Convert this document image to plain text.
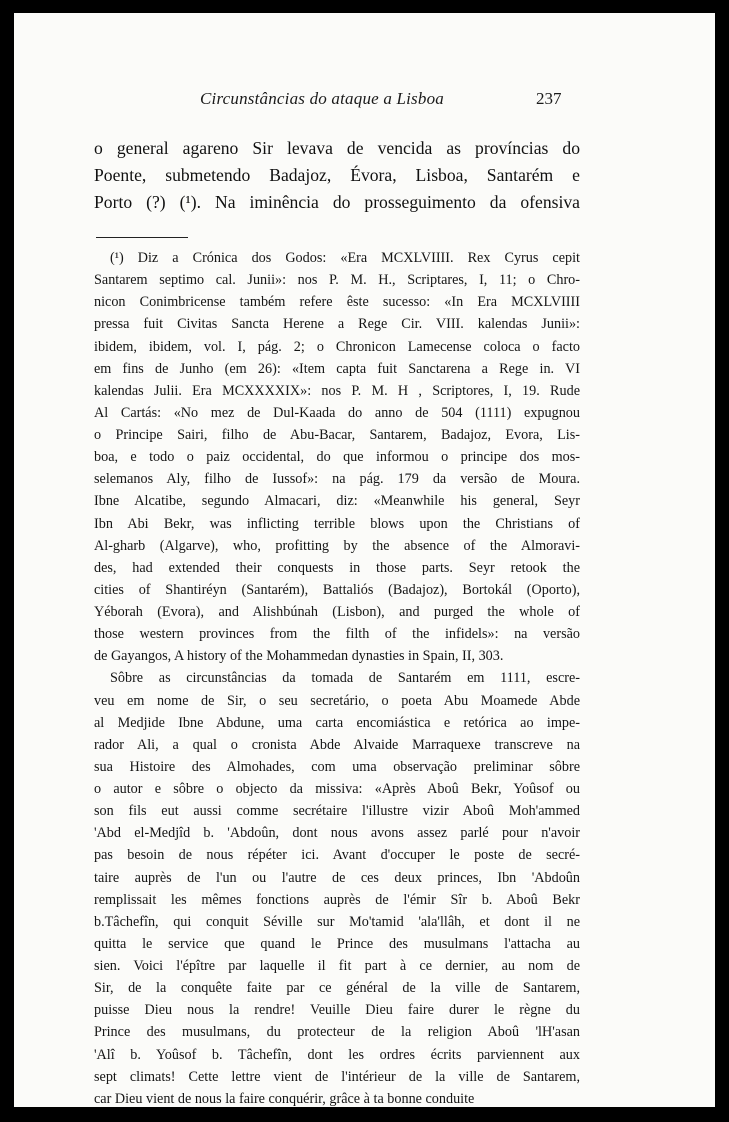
Circunstâncias do ataque a Lisboa	237

o general agareno Sir levava de vencida as províncias do
Poente, submetendo Badajoz, Évora, Lisboa, Santarém e
Porto (?) (¹). Na iminência do prosseguimento da ofensiva

(¹) Diz a Crónica dos Godos: «Era MCXLVIIII. Rex Cyrus cepit
Santarem septimo cal. Junii»: nos P. M. H., Scriptares, I, 11; o Chro-
nicon Conimbricense também refere êste sucesso: «In Era MCXLVIIII
pressa fuit Civitas Sancta Herene a Rege Cir. VIII. kalendas Junii»:
ibidem, ibidem, vol. I, pág. 2; o Chronicon Lamecense coloca o facto
em fins de Junho (em 26): «Item capta fuit Sanctarena a Rege in. VI
kalendas Julii. Era MCXXXXIX»: nos P. M. H , Scriptores, I, 19. Rude
Al Cartás: «No mez de Dul-Kaada do anno de 504 (1111) expugnou
o Principe Sairi, filho de Abu-Bacar, Santarem, Badajoz, Evora, Lis-
boa, e todo o paiz occidental, do que informou o principe dos mos-
selemanos Aly, filho de Iussof»: na pág. 179 da versão de Moura.
Ibne Alcatibe, segundo Almacari, diz: «Meanwhile his general, Seyr
Ibn Abi Bekr, was inflicting terrible blows upon the Christians of
Al-gharb (Algarve), who, profitting by the absence of the Almoravi-
des, had extended their conquests in those parts. Seyr retook the
cities of Shantiréyn (Santarém), Battaliós (Badajoz), Bortokál (Oporto),
Yéborah (Evora), and Alishbúnah (Lisbon), and purged the whole of
those western provinces from the filth of the infidels»: na versão
de Gayangos, A history of the Mohammedan dynasties in Spain, II, 303.
Sôbre as circunstâncias da tomada de Santarém em 1111, escre-
veu em nome de Sir, o seu secretário, o poeta Abu Moamede Abde
al Medjide Ibne Abdune, uma carta encomiástica e retórica ao impe-
rador Ali, a qual o cronista Abde Alvaide Marraquexe transcreve na
sua Histoire des Almohades, com uma observação preliminar sôbre
o autor e sôbre o objecto da missiva: «Après Aboû Bekr, Yoûsof ou
son fils eut aussi comme secrétaire l'illustre vizir Aboû Moh'ammed
'Abd el-Medjîd b. 'Abdoûn, dont nous avons assez parlé pour n'avoir
pas besoin de nous répéter ici. Avant d'occuper le poste de secré-
taire auprès de l'un ou l'autre de ces deux princes, Ibn 'Abdoûn
remplissait les mêmes fonctions auprès de l'émir Sîr b. Aboû Bekr
b.Tâchefîn, qui conquit Séville sur Mo'tamid 'ala'llâh, et dont il ne
quitta le service que quand le Prince des musulmans l'attacha au
sien. Voici l'épître par laquelle il fit part à ce dernier, au nom de
Sir, de la conquête faite par ce général de la ville de Santarem,
puisse Dieu nous la rendre! Veuille Dieu faire durer le règne du
Prince des musulmans, du protecteur de la religion Aboû 'lH'asan
'Alî b. Yoûsof b. Tâchefîn, dont les ordres écrits parviennent aux
sept climats! Cette lettre vient de l'intérieur de la ville de Santarem,
car Dieu vient de nous la faire conquérir, grâce à ta bonne conduite
